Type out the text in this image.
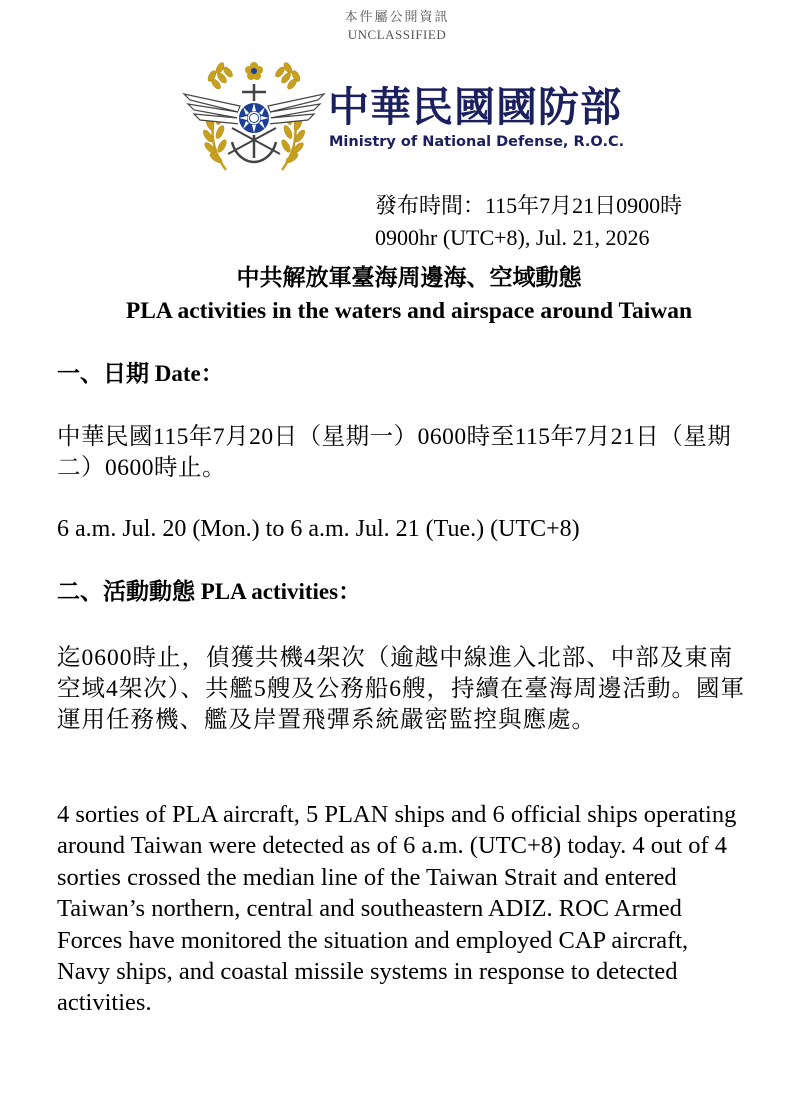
本件屬公開資訊
UNCLASSIFIED
中華民國國防部
Ministry of National Defense, R.O.C.
發布時間：115年7月21日0900時
0900hr (UTC+8), Jul. 21, 2026
中共解放軍臺海周邊海、空域動態
PLA activities in the waters and airspace around Taiwan
一、日期 Date：
中華民國115年7月20日（星期一）0600時至115年7月21日（星期二）0600時止。
6 a.m. Jul. 20 (Mon.) to 6 a.m. Jul. 21 (Tue.) (UTC+8)
二、活動動態 PLA activities：
迄0600時止，偵獲共機4架次（逾越中線進入北部、中部及東南空域4架次）、共艦5艘及公務船6艘，持續在臺海周邊活動。國軍運用任務機、艦及岸置飛彈系統嚴密監控與應處。
4 sorties of PLA aircraft, 5 PLAN ships and 6 official ships operating around Taiwan were detected as of 6 a.m. (UTC+8) today. 4 out of 4 sorties crossed the median line of the Taiwan Strait and entered Taiwan’s northern, central and southeastern ADIZ. ROC Armed Forces have monitored the situation and employed CAP aircraft, Navy ships, and coastal missile systems in response to detected activities.
